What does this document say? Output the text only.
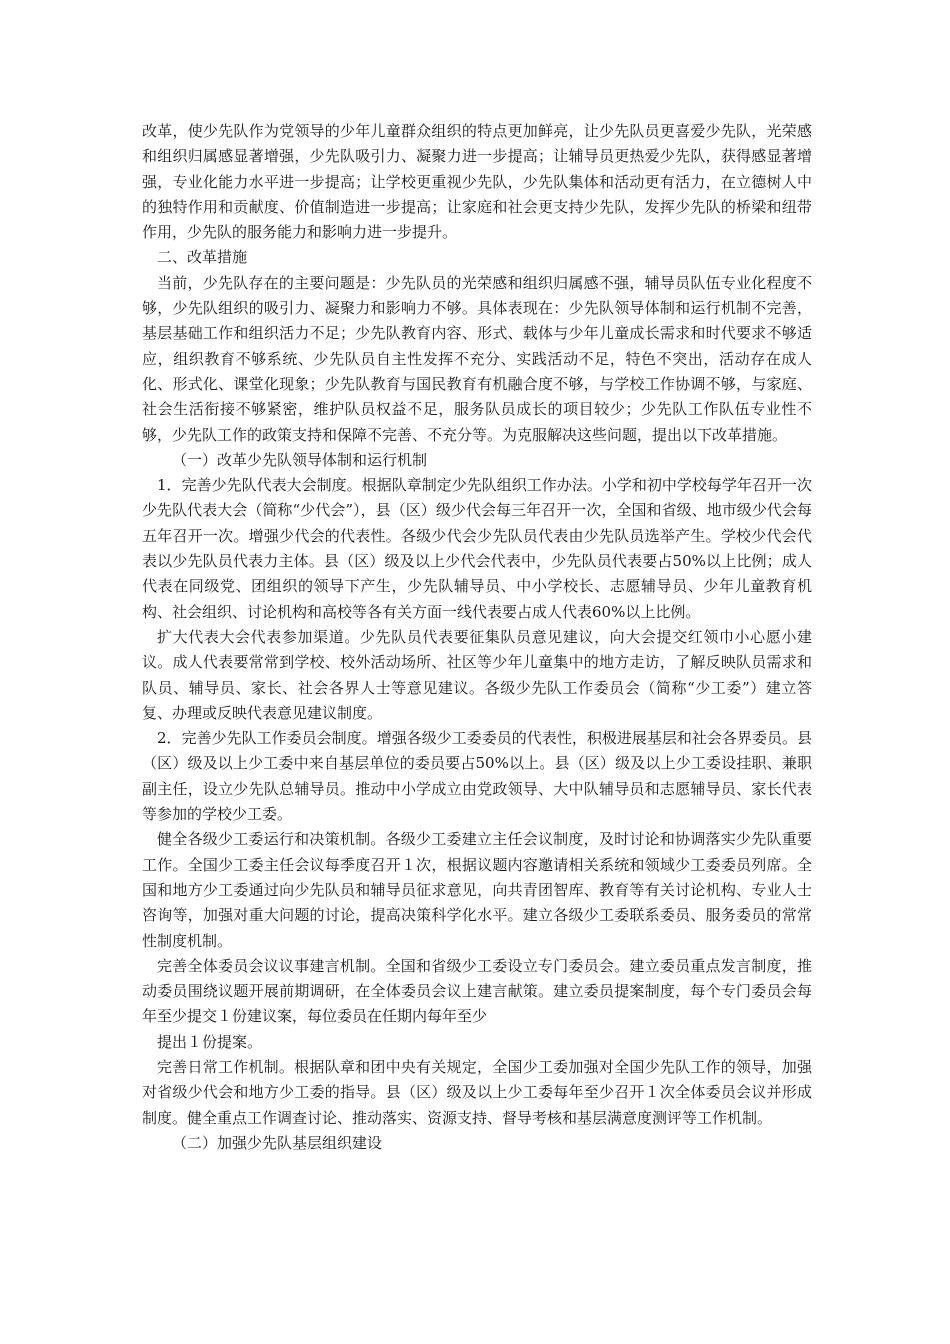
改革，使少先队作为党领导的少年儿童群众组织的特点更加鲜亮，让少先队员更喜爱少先队，光荣感和组织归属感显著增强，少先队吸引力、凝聚力进一步提高；让辅导员更热爱少先队，获得感显著增强，专业化能力水平进一步提高；让学校更重视少先队，少先队集体和活动更有活力，在立德树人中的独特作用和贡献度、价值制造进一步提高；让家庭和社会更支持少先队，发挥少先队的桥梁和纽带作用，少先队的服务能力和影响力进一步提升。

二、改革措施

当前，少先队存在的主要问题是：少先队员的光荣感和组织归属感不强，辅导员队伍专业化程度不够，少先队组织的吸引力、凝聚力和影响力不够。具体表现在：少先队领导体制和运行机制不完善，基层基础工作和组织活力不足；少先队教育内容、形式、载体与少年儿童成长需求和时代要求不够适应，组织教育不够系统、少先队员自主性发挥不充分、实践活动不足，特色不突出，活动存在成人化、形式化、课堂化现象；少先队教育与国民教育有机融合度不够，与学校工作协调不够，与家庭、社会生活衔接不够紧密，维护队员权益不足，服务队员成长的项目较少；少先队工作队伍专业性不够，少先队工作的政策支持和保障不完善、不充分等。为克服解决这些问题，提出以下改革措施。

（一）改革少先队领导体制和运行机制

1．完善少先队代表大会制度。根据队章制定少先队组织工作办法。小学和初中学校每学年召开一次少先队代表大会（简称“少代会”），县（区）级少代会每三年召开一次，全国和省级、地市级少代会每五年召开一次。增强少代会的代表性。各级少代会少先队员代表由少先队员选举产生。学校少代会代表以少先队员代表力主体。县（区）级及以上少代会代表中，少先队员代表要占50%以上比例；成人代表在同级党、团组织的领导下产生，少先队辅导员、中小学校长、志愿辅导员、少年儿童教育机构、社会组织、讨论机构和高校等各有关方面一线代表要占成人代表60%以上比例。

扩大代表大会代表参加渠道。少先队员代表要征集队员意见建议，向大会提交红领巾小心愿小建议。成人代表要常常到学校、校外活动场所、社区等少年儿童集中的地方走访，了解反映队员需求和队员、辅导员、家长、社会各界人士等意见建议。各级少先队工作委员会（简称“少工委”）建立答复、办理或反映代表意见建议制度。

2．完善少先队工作委员会制度。增强各级少工委委员的代表性，积极进展基层和社会各界委员。县（区）级及以上少工委中来自基层单位的委员要占50%以上。县（区）级及以上少工委设挂职、兼职副主任，设立少先队总辅导员。推动中小学成立由党政领导、大中队辅导员和志愿辅导员、家长代表等参加的学校少工委。

健全各级少工委运行和决策机制。各级少工委建立主任会议制度，及时讨论和协调落实少先队重要工作。全国少工委主任会议每季度召开１次，根据议题内容邀请相关系统和领域少工委委员列席。全国和地方少工委通过向少先队员和辅导员征求意见，向共青团智库、教育等有关讨论机构、专业人士咨询等，加强对重大问题的讨论，提高决策科学化水平。建立各级少工委联系委员、服务委员的常常性制度机制。

完善全体委员会议议事建言机制。全国和省级少工委设立专门委员会。建立委员重点发言制度，推动委员围绕议题开展前期调研，在全体委员会议上建言献策。建立委员提案制度，每个专门委员会每年至少提交１份建议案，每位委员在任期内每年至少

提出１份提案。

完善日常工作机制。根据队章和团中央有关规定，全国少工委加强对全国少先队工作的领导，加强对省级少代会和地方少工委的指导。县（区）级及以上少工委每年至少召开１次全体委员会议并形成制度。健全重点工作调查讨论、推动落实、资源支持、督导考核和基层满意度测评等工作机制。

（二）加强少先队基层组织建设
